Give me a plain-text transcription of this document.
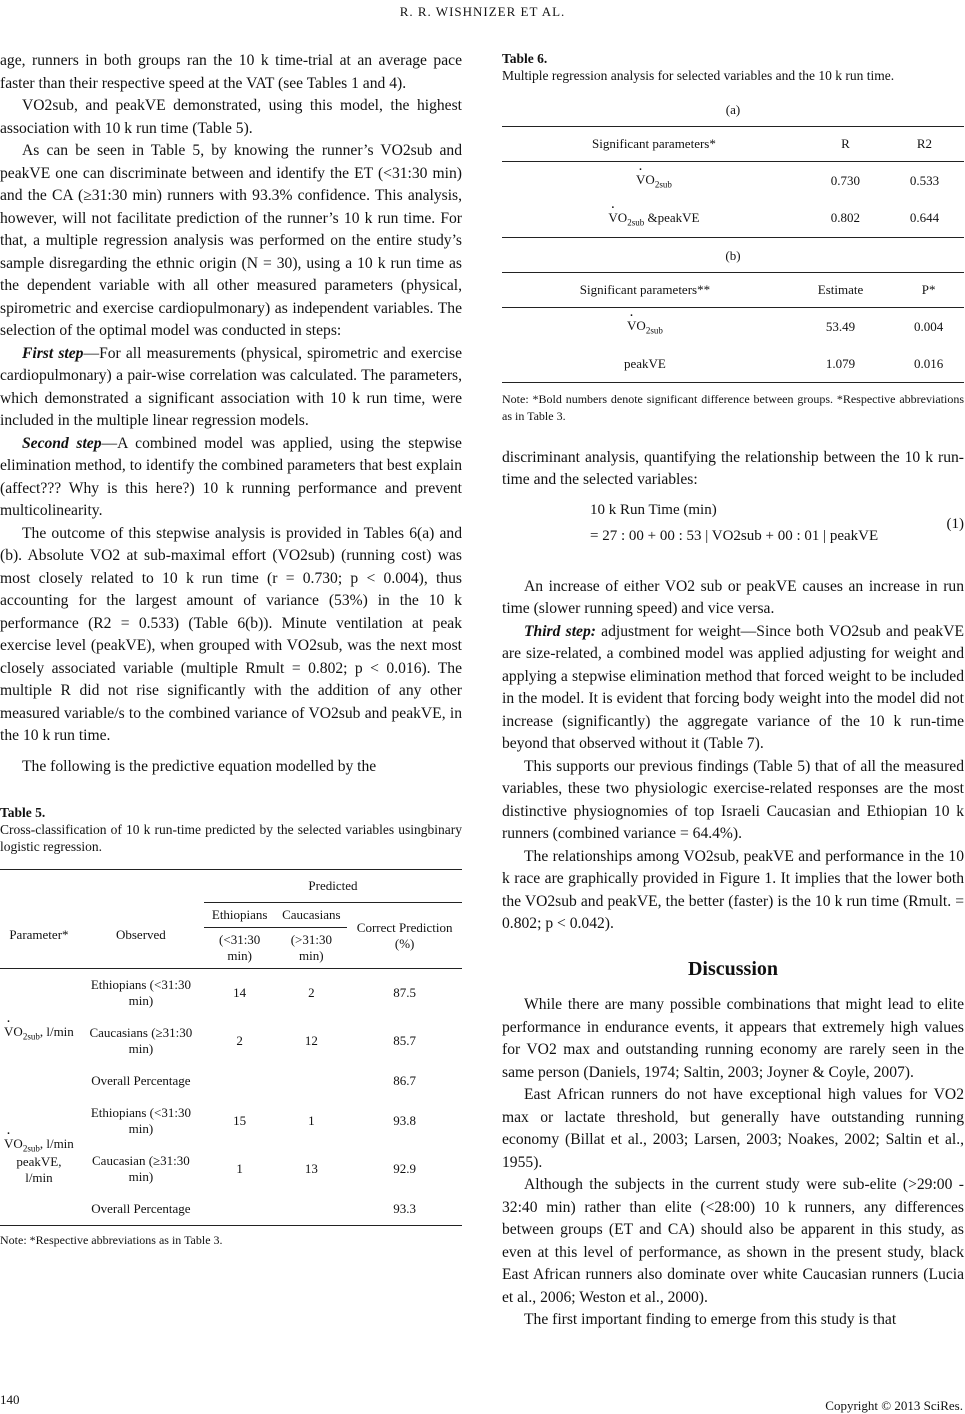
R. R. WISHNIZER ET AL.

age, runners in both groups ran the 10 k time-trial at an average pace faster than their respective speed at the VAT (see Tables 1 and 4).

VO2sub, and peakVE demonstrated, using this model, the highest association with 10 k run time (Table 5).

As can be seen in Table 5, by knowing the runner’s VO2sub and peakVE one can discriminate between and identify the ET (<31:30 min) and the CA (≥31:30 min) runners with 93.3% confidence. This analysis, however, will not facilitate prediction of the runner’s 10 k run time. For that, a multiple regression analysis was performed on the entire study’s sample disregarding the ethnic origin (N = 30), using a 10 k run time as the dependent variable with all other measured parameters (physical, spirometric and exercise cardiopulmonary) as independent variables. The selection of the optimal model was conducted in steps:

First step—For all measurements (physical, spirometric and exercise cardiopulmonary) a pair-wise correlation was calculated. The parameters, which demonstrated a significant association with 10 k run time, were included in the multiple linear regression models.

Second step—A combined model was applied, using the stepwise elimination method, to identify the combined parameters that best explain (affect??? Why is this here?) 10 k running performance and prevent multicolinearity.

The outcome of this stepwise analysis is provided in Tables 6(a) and (b). Absolute VO2 at sub-maximal effort (VO2sub) (running cost) was most closely related to 10 k run time (r = 0.730; p < 0.004), thus accounting for the largest amount of variance (53%) in the 10 k performance (R2 = 0.533) (Table 6(b)). Minute ventilation at peak exercise level (peakVE), when grouped with VO2sub, was the next most closely associated variable (multiple Rmult = 0.802; p < 0.016). The multiple R did not rise significantly with the addition of any other measured variable/s to the combined variance of VO2sub and peakVE, in the 10 k run time.

The following is the predictive equation modelled by the

Table 5.
Cross-classification of 10 k run-time predicted by the selected variables usingbinary logistic regression.

		Predicted		
Parameter*	Observed	Ethiopians	Caucasians	Correct Prediction (%)
		(<31:30 min)	(>31:30 min)	
· $VO_{2sub}$, l/min	Ethiopians (<31:30 min)	14	2	87.5
	Caucasians (≥31:30 min)	2	12	85.7
	Overall Percentage			86.7
· $VO_{2sub}$, l/min
peakVE, l/min	Ethiopians (<31:30 min)	15	1	93.8
	Caucasian (≥31:30 min)	1	13	92.9
	Overall Percentage			93.3

Note: *Respective abbreviations as in Table 3.

Table 6.
Multiple regression analysis for selected variables and the 10 k run time.

(a)
Significant parameters*	R	R2
· $VO_{2sub}$	0.730	0.533
· $VO_{2sub}$ &peakVE	0.802	0.644
(b)
Significant parameters**	Estimate	P*
· $VO_{2sub}$	53.49	0.004
peakVE	1.079	0.016

Note: *Bold numbers denote significant difference between groups. *Respective abbreviations as in Table 3.

discriminant analysis, quantifying the relationship between the 10 k run-time and the selected variables:

10 k Run Time (min)
= 27 : 00 + 00 : 53 | VO2sub + 00 : 01 | peakVE
(1)

An increase of either VO2 sub or peakVE causes an increase in run time (slower running speed) and vice versa.

Third step: adjustment for weight—Since both VO2sub and peakVE are size-related, a combined model was applied adjusting for weight and applying a stepwise elimination method that forced weight to be included in the model. It is evident that forcing body weight into the model did not increase (significantly) the aggregate variance of the 10 k run-time beyond that observed without it (Table 7).

This supports our previous findings (Table 5) that of all the measured variables, these two physiologic exercise-related responses are the most distinctive physiognomies of top Israeli Caucasian and Ethiopian 10 k runners (combined variance = 64.4%).

The relationships among VO2sub, peakVE and performance in the 10 k race are graphically provided in Figure 1. It implies that the lower both the VO2sub and peakVE, the better (faster) is the 10 k run time (Rmult. = 0.802; p < 0.042).

Discussion

While there are many possible combinations that might lead to elite performance in endurance events, it appears that extremely high values for VO2 max and outstanding running economy are rarely seen in the same person (Daniels, 1974; Saltin, 2003; Joyner & Coyle, 2007).

East African runners do not have exceptional high values for VO2 max or lactate threshold, but generally have outstanding running economy (Billat et al., 2003; Larsen, 2003; Noakes, 2002; Saltin et al., 1955).

Although the subjects in the current study were sub-elite (>29:00 - 32:40 min) rather than elite (<28:00) 10 k runners, any differences between groups (ET and CA) should also be apparent in this study, as even at this level of performance, as shown in the present study, black East African runners also dominate over white Caucasian runners (Lucia et al., 2006; Weston et al., 2000).

The first important finding to emerge from this study is that

140	Copyright © 2013 SciRes.
